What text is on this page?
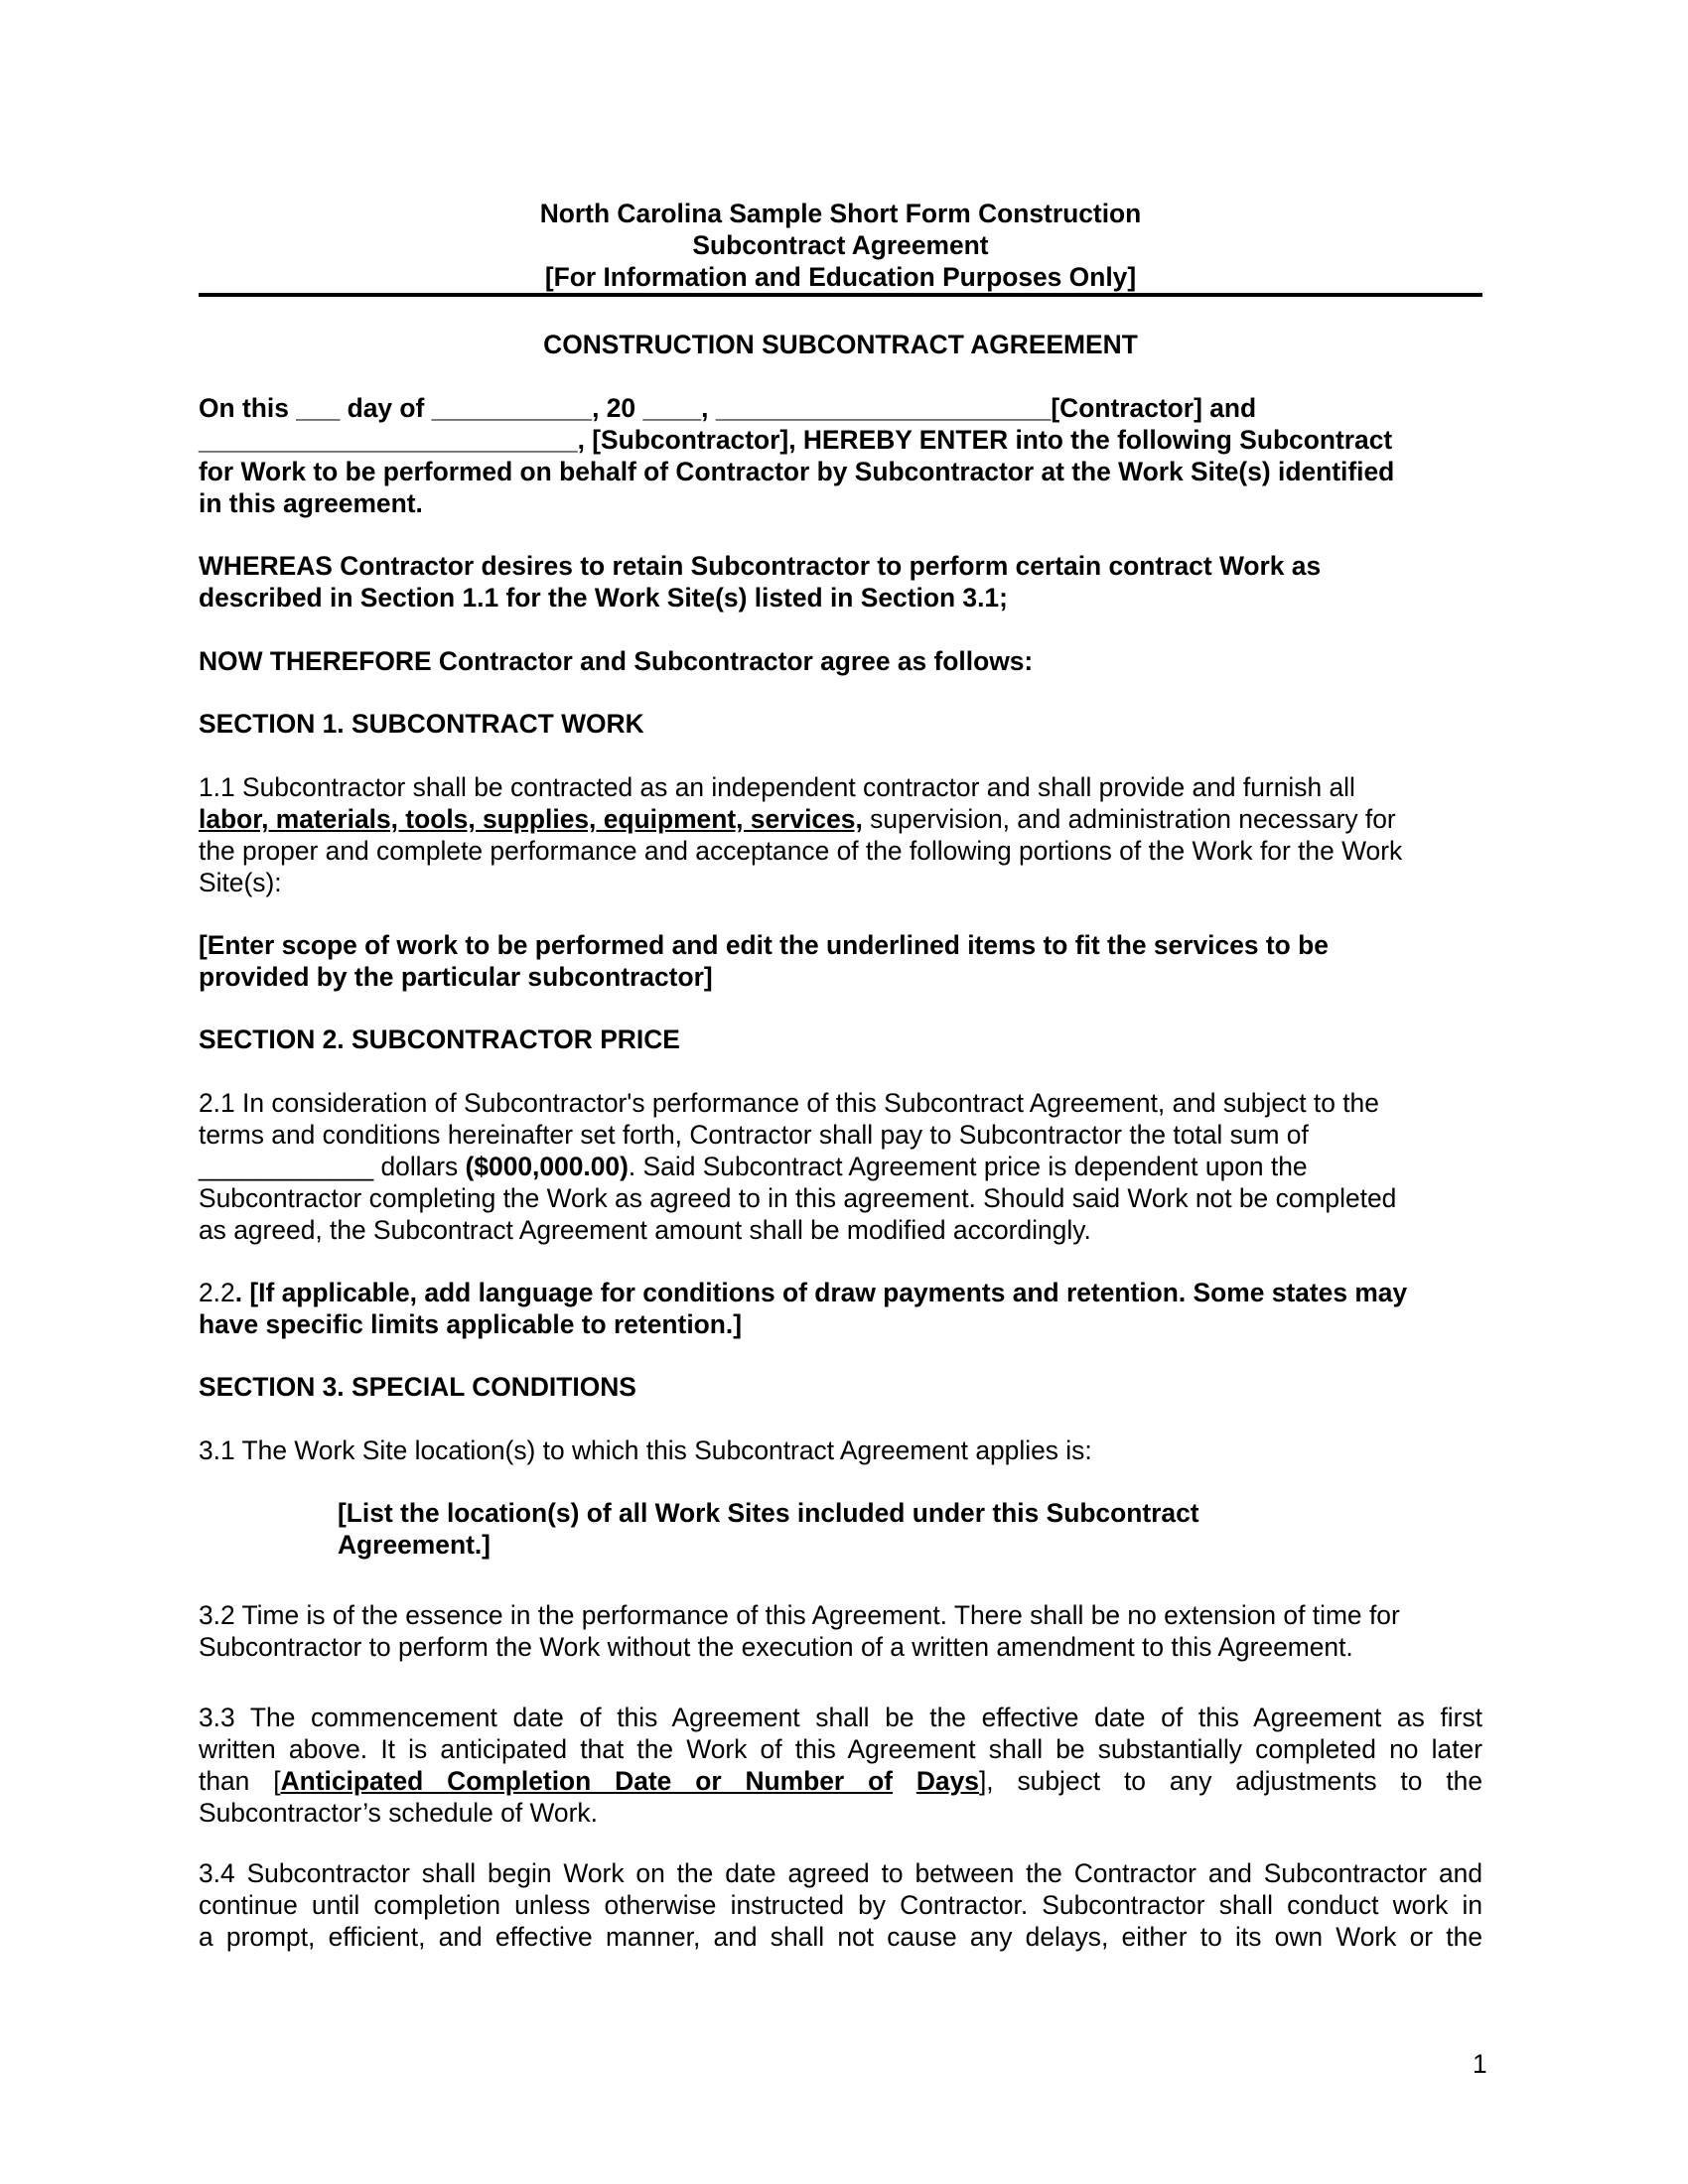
North Carolina Sample Short Form Construction
Subcontract Agreement
[For Information and Education Purposes Only]
CONSTRUCTION SUBCONTRACT AGREEMENT
On this ___ day of ___________, 20 ____, _______________________[Contractor] and
__________________________, [Subcontractor], HEREBY ENTER into the following Subcontract
for Work to be performed on behalf of Contractor by Subcontractor at the Work Site(s) identified
in this agreement.
WHEREAS Contractor desires to retain Subcontractor to perform certain contract Work as
described in Section 1.1 for the Work Site(s) listed in Section 3.1;
NOW THEREFORE Contractor and Subcontractor agree as follows:
SECTION 1. SUBCONTRACT WORK
1.1 Subcontractor shall be contracted as an independent contractor and shall provide and furnish all
labor, materials, tools, supplies, equipment, services, supervision, and administration necessary for
the proper and complete performance and acceptance of the following portions of the Work for the Work
Site(s):
[Enter scope of work to be performed and edit the underlined items to fit the services to be
provided by the particular subcontractor]
SECTION 2. SUBCONTRACTOR PRICE
2.1 In consideration of Subcontractor's performance of this Subcontract Agreement, and subject to the
terms and conditions hereinafter set forth, Contractor shall pay to Subcontractor the total sum of
____________ dollars ($000,000.00). Said Subcontract Agreement price is dependent upon the
Subcontractor completing the Work as agreed to in this agreement. Should said Work not be completed
as agreed, the Subcontract Agreement amount shall be modified accordingly.
2.2. [If applicable, add language for conditions of draw payments and retention. Some states may
have specific limits applicable to retention.]
SECTION 3. SPECIAL CONDITIONS
3.1 The Work Site location(s) to which this Subcontract Agreement applies is:
[List the location(s) of all Work Sites included under this Subcontract
Agreement.]
3.2 Time is of the essence in the performance of this Agreement. There shall be no extension of time for
Subcontractor to perform the Work without the execution of a written amendment to this Agreement.
3.3 The commencement date of this Agreement shall be the effective date of this Agreement as first
written above. It is anticipated that the Work of this Agreement shall be substantially completed no later
than [Anticipated Completion Date or Number of Days], subject to any adjustments to the
Subcontractor’s schedule of Work.
3.4 Subcontractor shall begin Work on the date agreed to between the Contractor and Subcontractor and
continue until completion unless otherwise instructed by Contractor. Subcontractor shall conduct work in
a prompt, efficient, and effective manner, and shall not cause any delays, either to its own Work or the
1
